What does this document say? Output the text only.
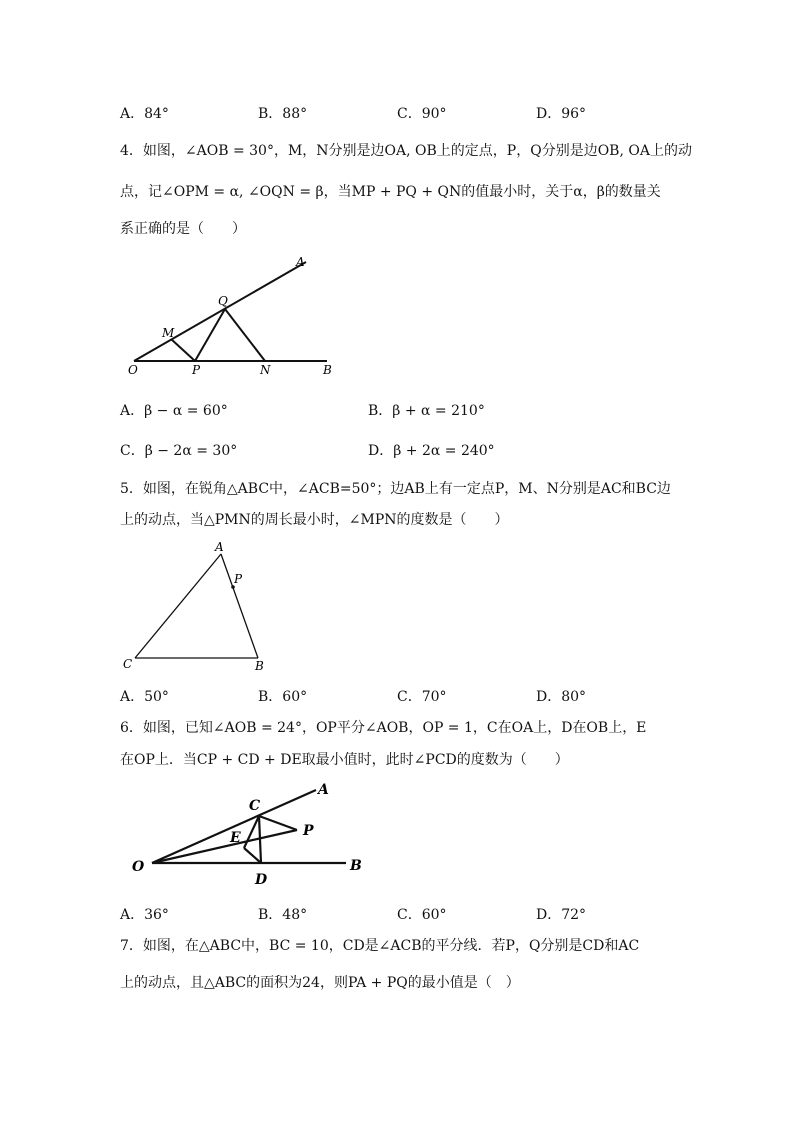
A．84°	B．88°	C．90°	D．96°
4．如图，∠AOB = 30°，M，N分别是边OA, OB上的定点，P，Q分别是边OB, OA上的动
点，记∠OPM = α, ∠OQN = β，当MP + PQ + QN的值最小时，关于α，β的数量关
系正确的是（　　）
A
Q
M
O	P	N	B
A．β − α = 60°	B．β + α = 210°
C．β − 2α = 30°	D．β + 2α = 240°
5．如图，在锐角△ABC中，∠ACB=50°；边AB上有一定点P，M、N分别是AC和BC边
上的动点，当△PMN的周长最小时，∠MPN的度数是（　　）
A
P
C	B
A．50°	B．60°	C．70°	D．80°
6．如图，已知∠AOB = 24°，OP平分∠AOB，OP = 1，C在OA上，D在OB上，E
在OP上．当CP + CD + DE取最小值时，此时∠PCD的度数为（　　）
C
A
P
E
O
D
B
A．36°	B．48°	C．60°	D．72°
7．如图，在△ABC中，BC = 10，CD是∠ACB的平分线．若P，Q分别是CD和AC
上的动点，且△ABC的面积为24，则PA + PQ的最小值是（　）
